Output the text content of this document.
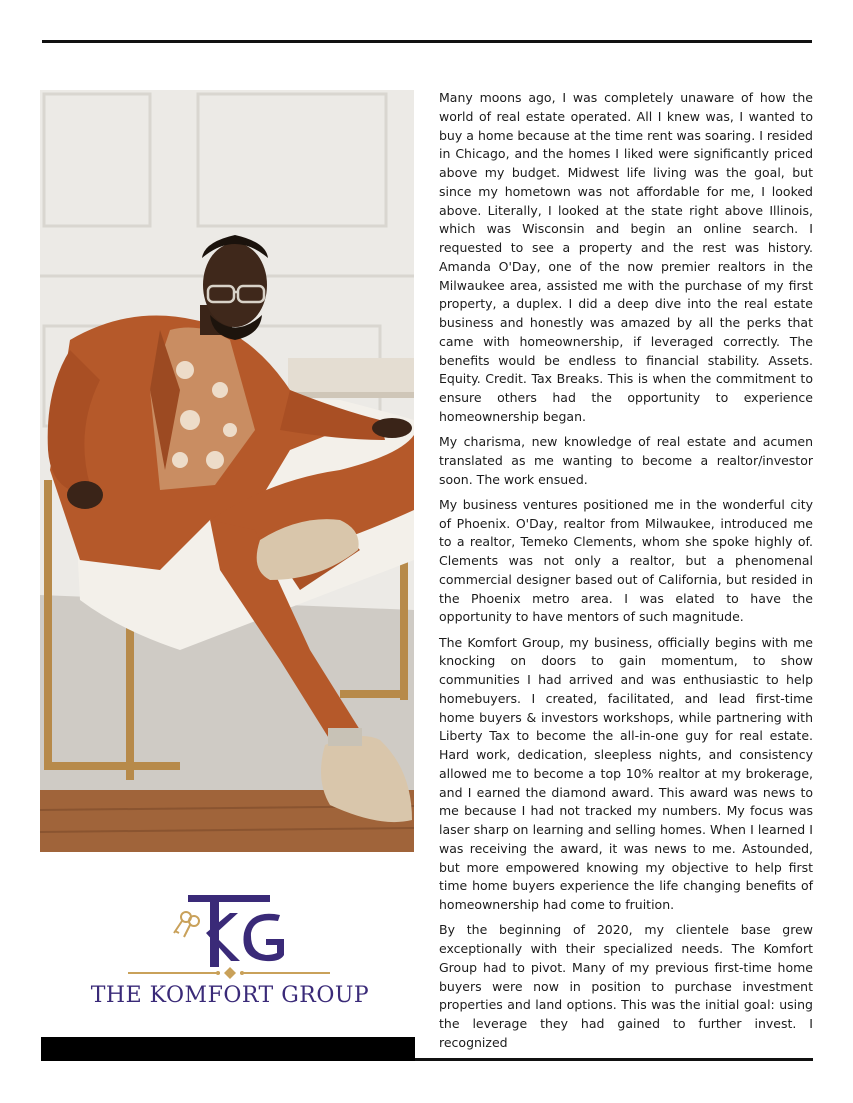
THE KOMFORT GROUP

Many moons ago, I was completely unaware of how the world of real estate operated. All I knew was, I wanted to buy a home because at the time rent was soaring. I resided in Chicago, and the homes I liked were significantly priced above my budget. Midwest life living was the goal, but since my hometown was not affordable for me, I looked above. Literally, I looked at the state right above Illinois, which was Wisconsin and begin an online search. I requested to see a property and the rest was history. Amanda O'Day, one of the now premier realtors in the Milwaukee area, assisted me with the purchase of my first property, a duplex. I did a deep dive into the real estate business and honestly was amazed by all the perks that came with homeownership, if leveraged correctly. The benefits would be endless to financial stability. Assets. Equity. Credit. Tax Breaks. This is when the commitment to ensure others had the opportunity to experience homeownership began.

My charisma, new knowledge of real estate and acumen translated as me wanting to become a realtor/investor soon. The work ensued.

My business ventures positioned me in the wonderful city of Phoenix. O'Day, realtor from Milwaukee, introduced me to a realtor, Temeko Clements, whom she spoke highly of. Clements was not only a realtor, but a phenomenal commercial designer based out of California, but resided in the Phoenix metro area. I was elated to have the opportunity to have mentors of such magnitude.

The Komfort Group, my business, officially begins with me knocking on doors to gain momentum, to show communities I had arrived and was enthusiastic to help homebuyers. I created, facilitated, and lead first-time home buyers & investors workshops, while partnering with Liberty Tax to become the all-in-one guy for real estate. Hard work, dedication, sleepless nights, and consistency allowed me to become a top 10% realtor at my brokerage, and I earned the diamond award. This award was news to me because I had not tracked my numbers. My focus was laser sharp on learning and selling homes. When I learned I was receiving the award, it was news to me. Astounded, but more empowered knowing my objective to help first time home buyers experience the life changing benefits of homeownership had come to fruition.

By the beginning of 2020, my clientele base grew exceptionally with their specialized needs. The Komfort Group had to pivot. Many of my previous first-time home buyers were now in position to purchase investment properties and land options. This was the initial goal: using the leverage they had gained to further invest. I recognized
